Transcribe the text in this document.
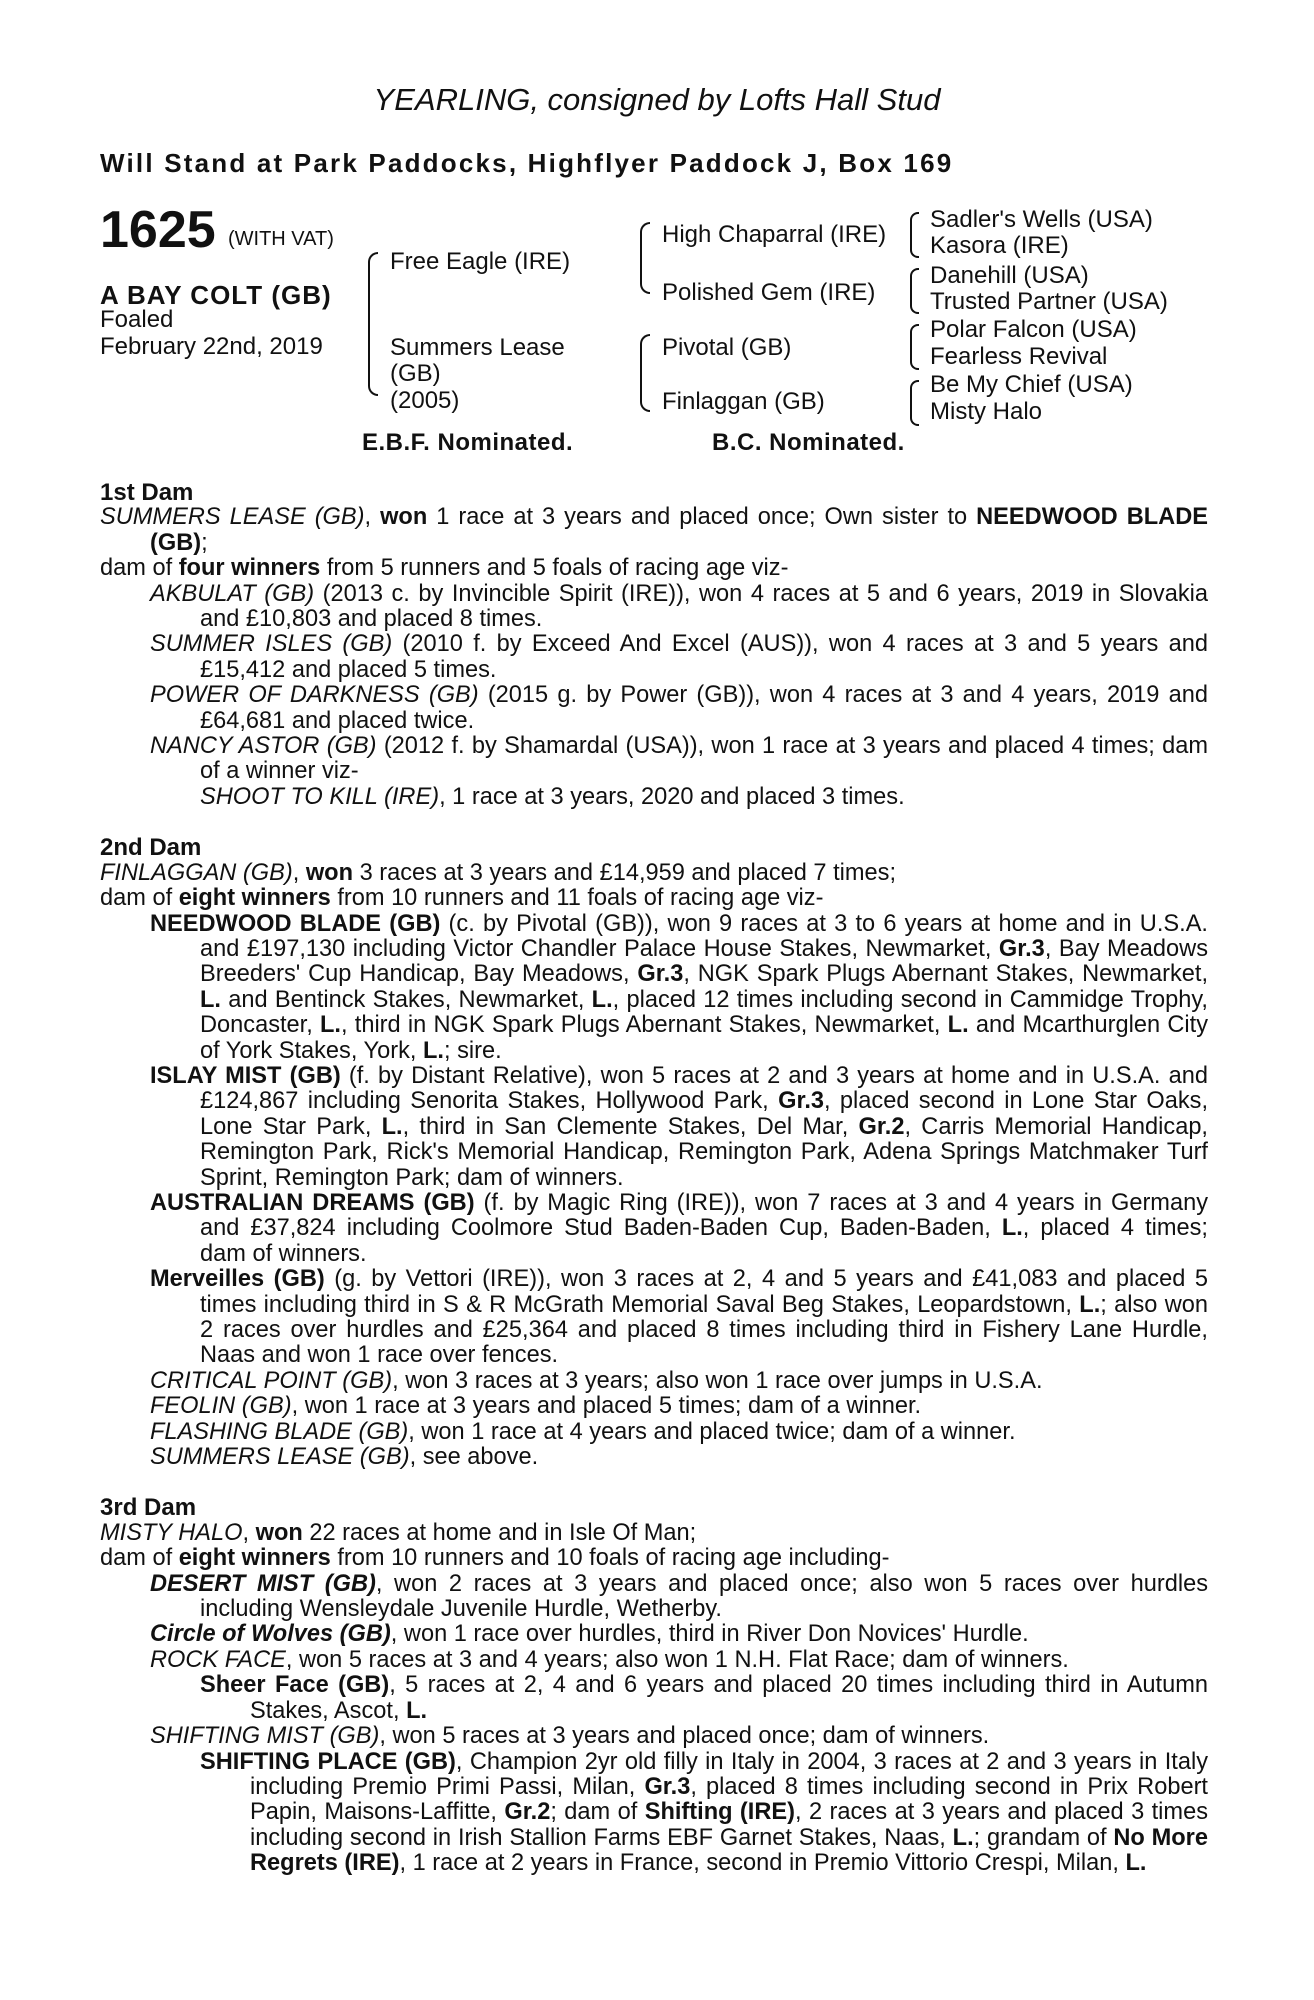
YEARLING, consigned by Lofts Hall Stud
Will Stand at Park Paddocks, Highflyer Paddock J, Box 169
1625 (WITH VAT)
A BAY COLT (GB)
Foaled
February 22nd, 2019
Free Eagle (IRE)
Summers Lease
(GB)
(2005)
High Chaparral (IRE)
Polished Gem (IRE)
Pivotal (GB)
Finlaggan (GB)
Sadler's Wells (USA)
Kasora (IRE)
Danehill (USA)
Trusted Partner (USA)
Polar Falcon (USA)
Fearless Revival
Be My Chief (USA)
Misty Halo
E.B.F. Nominated.	B.C. Nominated.
1st Dam
SUMMERS LEASE (GB), won 1 race at 3 years and placed once; Own sister to NEEDWOOD BLADE (GB);
dam of four winners from 5 runners and 5 foals of racing age viz-
AKBULAT (GB) (2013 c. by Invincible Spirit (IRE)), won 4 races at 5 and 6 years, 2019 in Slovakia and £10,803 and placed 8 times.
SUMMER ISLES (GB) (2010 f. by Exceed And Excel (AUS)), won 4 races at 3 and 5 years and £15,412 and placed 5 times.
POWER OF DARKNESS (GB) (2015 g. by Power (GB)), won 4 races at 3 and 4 years, 2019 and £64,681 and placed twice.
NANCY ASTOR (GB) (2012 f. by Shamardal (USA)), won 1 race at 3 years and placed 4 times; dam of a winner viz-
SHOOT TO KILL (IRE), 1 race at 3 years, 2020 and placed 3 times.
2nd Dam
FINLAGGAN (GB), won 3 races at 3 years and £14,959 and placed 7 times;
dam of eight winners from 10 runners and 11 foals of racing age viz-
NEEDWOOD BLADE (GB) (c. by Pivotal (GB)), won 9 races at 3 to 6 years at home and in U.S.A. and £197,130 including Victor Chandler Palace House Stakes, Newmarket, Gr.3, Bay Meadows Breeders' Cup Handicap, Bay Meadows, Gr.3, NGK Spark Plugs Abernant Stakes, Newmarket, L. and Bentinck Stakes, Newmarket, L., placed 12 times including second in Cammidge Trophy, Doncaster, L., third in NGK Spark Plugs Abernant Stakes, Newmarket, L. and Mcarthurglen City of York Stakes, York, L.; sire.
ISLAY MIST (GB) (f. by Distant Relative), won 5 races at 2 and 3 years at home and in U.S.A. and £124,867 including Senorita Stakes, Hollywood Park, Gr.3, placed second in Lone Star Oaks, Lone Star Park, L., third in San Clemente Stakes, Del Mar, Gr.2, Carris Memorial Handicap, Remington Park, Rick's Memorial Handicap, Remington Park, Adena Springs Matchmaker Turf Sprint, Remington Park; dam of winners.
AUSTRALIAN DREAMS (GB) (f. by Magic Ring (IRE)), won 7 races at 3 and 4 years in Germany and £37,824 including Coolmore Stud Baden-Baden Cup, Baden-Baden, L., placed 4 times; dam of winners.
Merveilles (GB) (g. by Vettori (IRE)), won 3 races at 2, 4 and 5 years and £41,083 and placed 5 times including third in S & R McGrath Memorial Saval Beg Stakes, Leopardstown, L.; also won 2 races over hurdles and £25,364 and placed 8 times including third in Fishery Lane Hurdle, Naas and won 1 race over fences.
CRITICAL POINT (GB), won 3 races at 3 years; also won 1 race over jumps in U.S.A.
FEOLIN (GB), won 1 race at 3 years and placed 5 times; dam of a winner.
FLASHING BLADE (GB), won 1 race at 4 years and placed twice; dam of a winner.
SUMMERS LEASE (GB), see above.
3rd Dam
MISTY HALO, won 22 races at home and in Isle Of Man;
dam of eight winners from 10 runners and 10 foals of racing age including-
DESERT MIST (GB), won 2 races at 3 years and placed once; also won 5 races over hurdles including Wensleydale Juvenile Hurdle, Wetherby.
Circle of Wolves (GB), won 1 race over hurdles, third in River Don Novices' Hurdle.
ROCK FACE, won 5 races at 3 and 4 years; also won 1 N.H. Flat Race; dam of winners.
Sheer Face (GB), 5 races at 2, 4 and 6 years and placed 20 times including third in Autumn Stakes, Ascot, L.
SHIFTING MIST (GB), won 5 races at 3 years and placed once; dam of winners.
SHIFTING PLACE (GB), Champion 2yr old filly in Italy in 2004, 3 races at 2 and 3 years in Italy including Premio Primi Passi, Milan, Gr.3, placed 8 times including second in Prix Robert Papin, Maisons-Laffitte, Gr.2; dam of Shifting (IRE), 2 races at 3 years and placed 3 times including second in Irish Stallion Farms EBF Garnet Stakes, Naas, L.; grandam of No More Regrets (IRE), 1 race at 2 years in France, second in Premio Vittorio Crespi, Milan, L.
